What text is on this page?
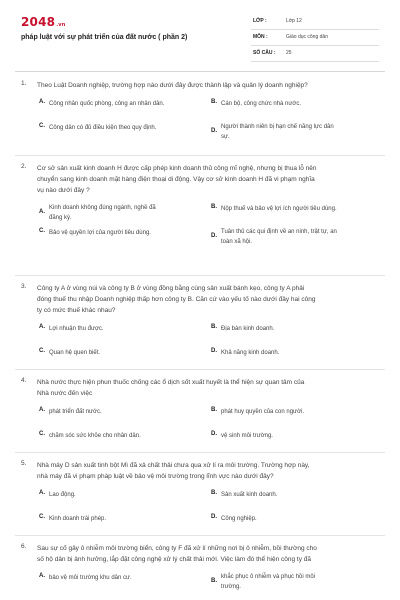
2048.vn
pháp luật với sự phát triển của đất nước ( phần 2)
LỚP :	Lớp 12
MÔN :	Giáo dục công dân
SỐ CÂU : 25
1. Theo Luật Doanh nghiệp, trường hợp nào dưới đây được thành lập và quản lý doanh nghiệp?
A. Công nhân quốc phòng, công an nhân dân.	B. Cán bộ, công chức nhà nước.
C. Công dân có đủ điều kiện theo quy định.	D.
Người thành niên bị hạn chế năng lực dân
sự.
2. Cơ sở sản xuất kinh doanh H được cấp phép kinh doanh thủ công mĩ nghệ, nhưng bị thua lỗ nên
chuyển sang kinh doanh mặt hàng điện thoại di động. Vậy cơ sở kinh doanh H đã vi phạm nghĩa
vụ nào dưới đây ?
A.
Kinh doanh không đúng ngành, nghề đã
đăng ký.
B. Nộp thuế và bảo vệ lợi ích người tiêu dùng.
C. Bảo vệ quyền lợi của người tiêu dùng.	D.
Tuân thủ các qui định về an ninh, trật tự, an
toàn xã hội.
3. Công ty A ở vùng núi và công ty B ở vùng đồng bằng cùng sản xuất bánh kẹo, công ty A phải
đóng thuế thu nhập Doanh nghiệp thấp hơn công ty B. Căn cứ vào yếu tố nào dưới đây hai công
ty có mức thuế khác nhau?
A. Lợi nhuận thu được.	B. Địa bàn kinh doanh.
C. Quan hệ quen biết.	D. Khả năng kinh doanh.
4. Nhà nước thực hiện phun thuốc chống các ổ dịch sốt xuất huyết là thể hiện sự quan tâm của
Nhà nước đến việc
A. phát triển đất nước.	B. phát huy quyền của con người.
C. chăm sóc sức khỏe cho nhân dân.	D. vệ sinh môi trường.
5. Nhà máy D sản xuất tinh bột Mì đã xả chất thải chưa qua xử lí ra môi trường. Trường hợp này,
nhà máy đã vi phạm pháp luật về bảo vệ môi trường trong lĩnh vực nào dưới đây?
A. Lao động.	B. Sản xuất kinh doanh.
C. Kinh doanh trái phép.	D. Công nghiệp.
6. Sau sự cố gây ô nhiễm môi trường biển, công ty F đã xử lí những nơi bị ô nhiễm, bồi thường cho
số hộ dân bị ảnh hưởng, lắp đặt công nghệ xử lý chất thải mới. Việc làm đó thể hiện công ty đã
A. bảo vệ môi trường khu dân cư.	B.
khắc phục ô nhiễm và phục hồi môi
trường.
